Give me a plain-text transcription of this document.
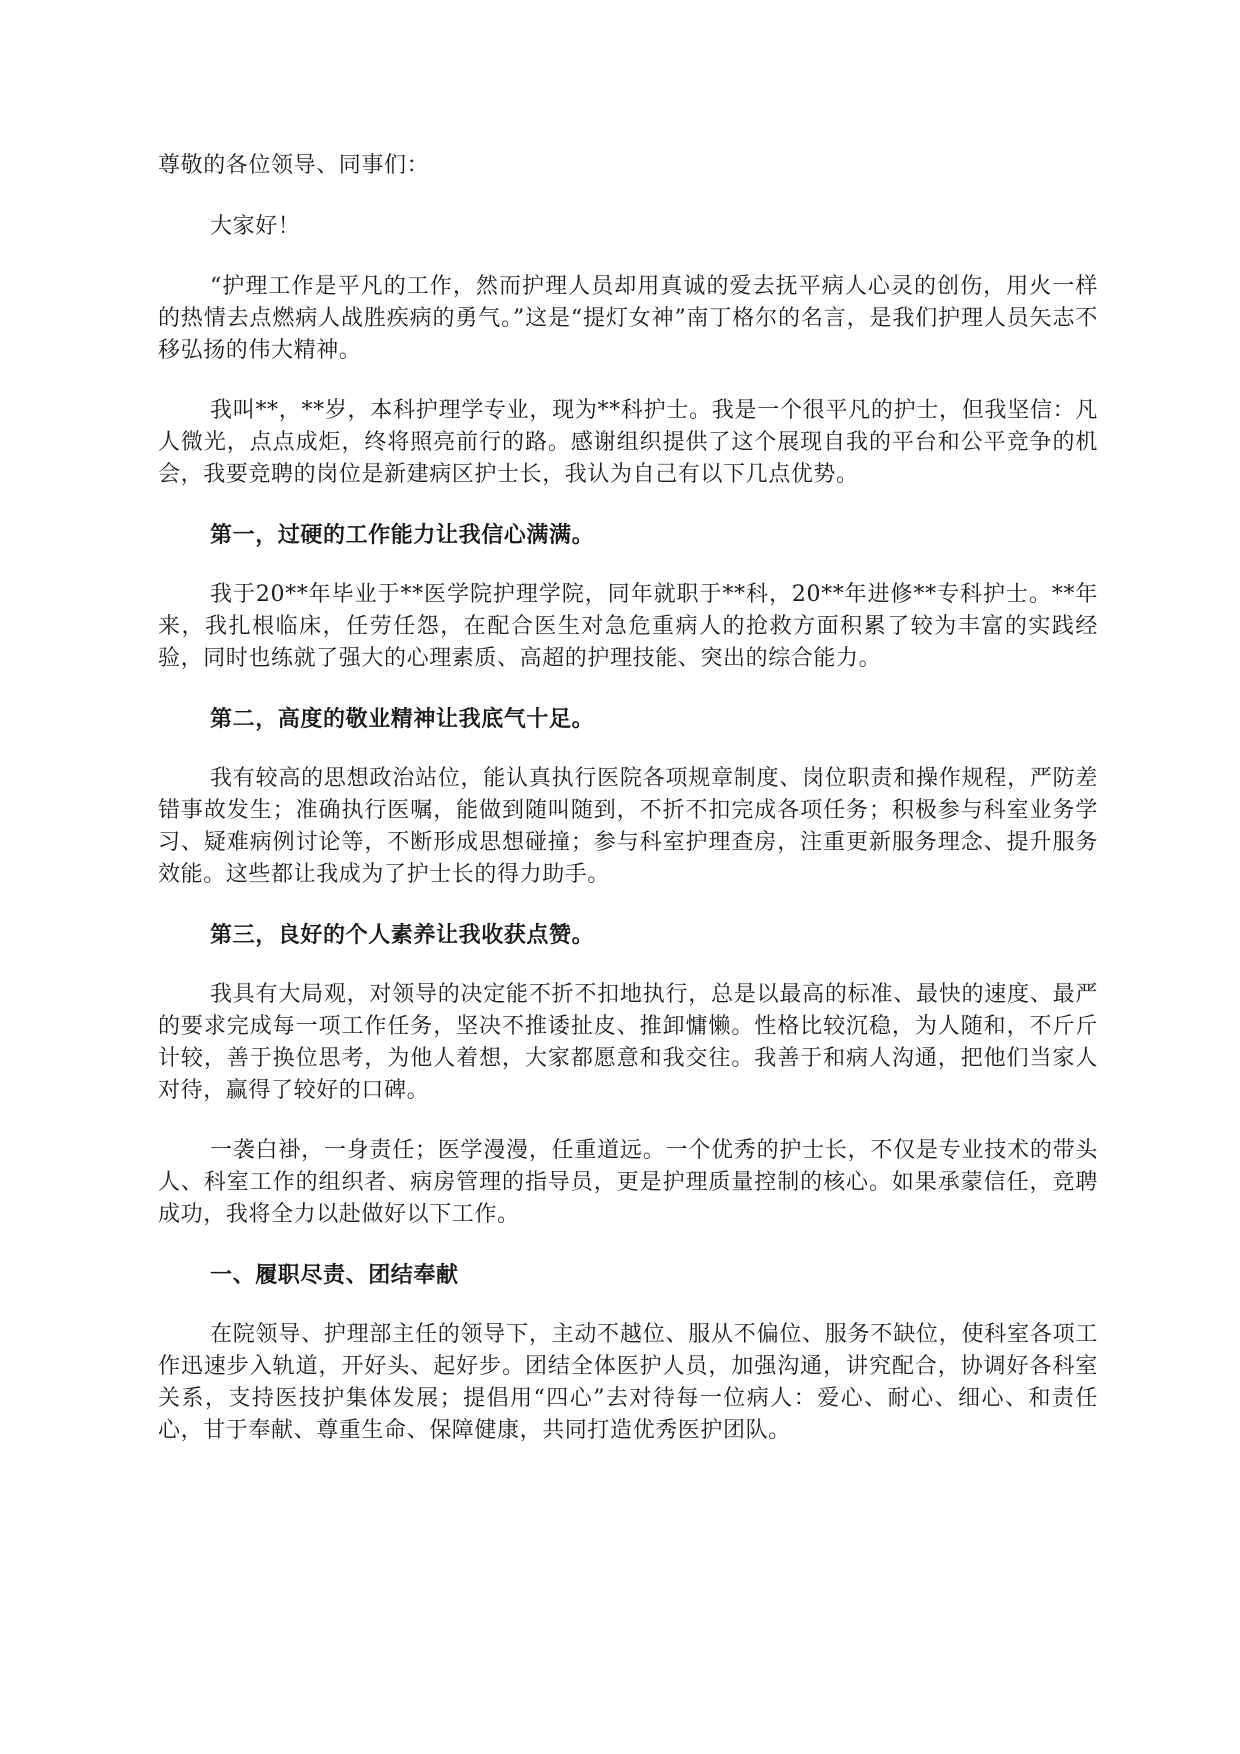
尊敬的各位领导、同事们：

大家好！

“护理工作是平凡的工作，然而护理人员却用真诚的爱去抚平病人心灵的创伤，用火一样的热情去点燃病人战胜疾病的勇气。”这是“提灯女神”南丁格尔的名言，是我们护理人员矢志不移弘扬的伟大精神。

我叫**，**岁，本科护理学专业，现为**科护士。我是一个很平凡的护士，但我坚信：凡人微光，点点成炬，终将照亮前行的路。感谢组织提供了这个展现自我的平台和公平竞争的机会，我要竞聘的岗位是新建病区护士长，我认为自己有以下几点优势。

第一，过硬的工作能力让我信心满满。

我于20**年毕业于**医学院护理学院，同年就职于**科，20**年进修**专科护士。**年来，我扎根临床，任劳任怨，在配合医生对急危重病人的抢救方面积累了较为丰富的实践经验，同时也练就了强大的心理素质、高超的护理技能、突出的综合能力。

第二，高度的敬业精神让我底气十足。

我有较高的思想政治站位，能认真执行医院各项规章制度、岗位职责和操作规程，严防差错事故发生；准确执行医嘱，能做到随叫随到，不折不扣完成各项任务；积极参与科室业务学习、疑难病例讨论等，不断形成思想碰撞；参与科室护理查房，注重更新服务理念、提升服务效能。这些都让我成为了护士长的得力助手。

第三，良好的个人素养让我收获点赞。

我具有大局观，对领导的决定能不折不扣地执行，总是以最高的标准、最快的速度、最严的要求完成每一项工作任务，坚决不推诿扯皮、推卸慵懒。性格比较沉稳，为人随和，不斤斤计较，善于换位思考，为他人着想，大家都愿意和我交往。我善于和病人沟通，把他们当家人对待，赢得了较好的口碑。

一袭白褂，一身责任；医学漫漫，任重道远。一个优秀的护士长，不仅是专业技术的带头人、科室工作的组织者、病房管理的指导员，更是护理质量控制的核心。如果承蒙信任，竞聘成功，我将全力以赴做好以下工作。

一、履职尽责、团结奉献

在院领导、护理部主任的领导下，主动不越位、服从不偏位、服务不缺位，使科室各项工作迅速步入轨道，开好头、起好步。团结全体医护人员，加强沟通，讲究配合，协调好各科室关系，支持医技护集体发展；提倡用“四心”去对待每一位病人：爱心、耐心、细心、和责任心，甘于奉献、尊重生命、保障健康，共同打造优秀医护团队。
